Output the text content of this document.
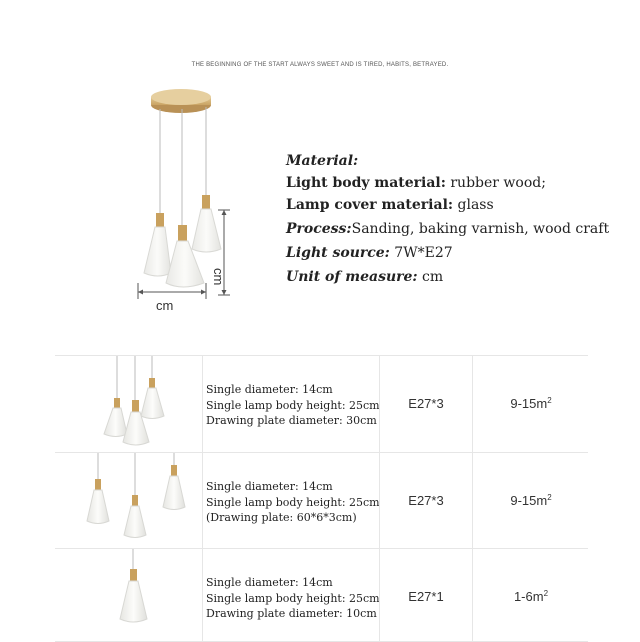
THE BEGINNING OF THE START ALWAYS SWEET AND IS TIRED, HABITS, BETRAYED.
cm
cm
Material:
Light body material: rubber wood;
Lamp cover material: glass
Process:Sanding, baking varnish, wood craft
Light source: 7W*E27
Unit of measure: cm
Single diameter: 14cm
Single lamp body height: 25cm
Drawing plate diameter: 30cm
E27*3	$9-15m^2$
Single diameter: 14cm
Single lamp body height: 25cm
(Drawing plate: 60*6*3cm)
E27*3	$9-15m^2$
Single diameter: 14cm
Single lamp body height: 25cm
Drawing plate diameter: 10cm
E27*1	$1-6m^2$
